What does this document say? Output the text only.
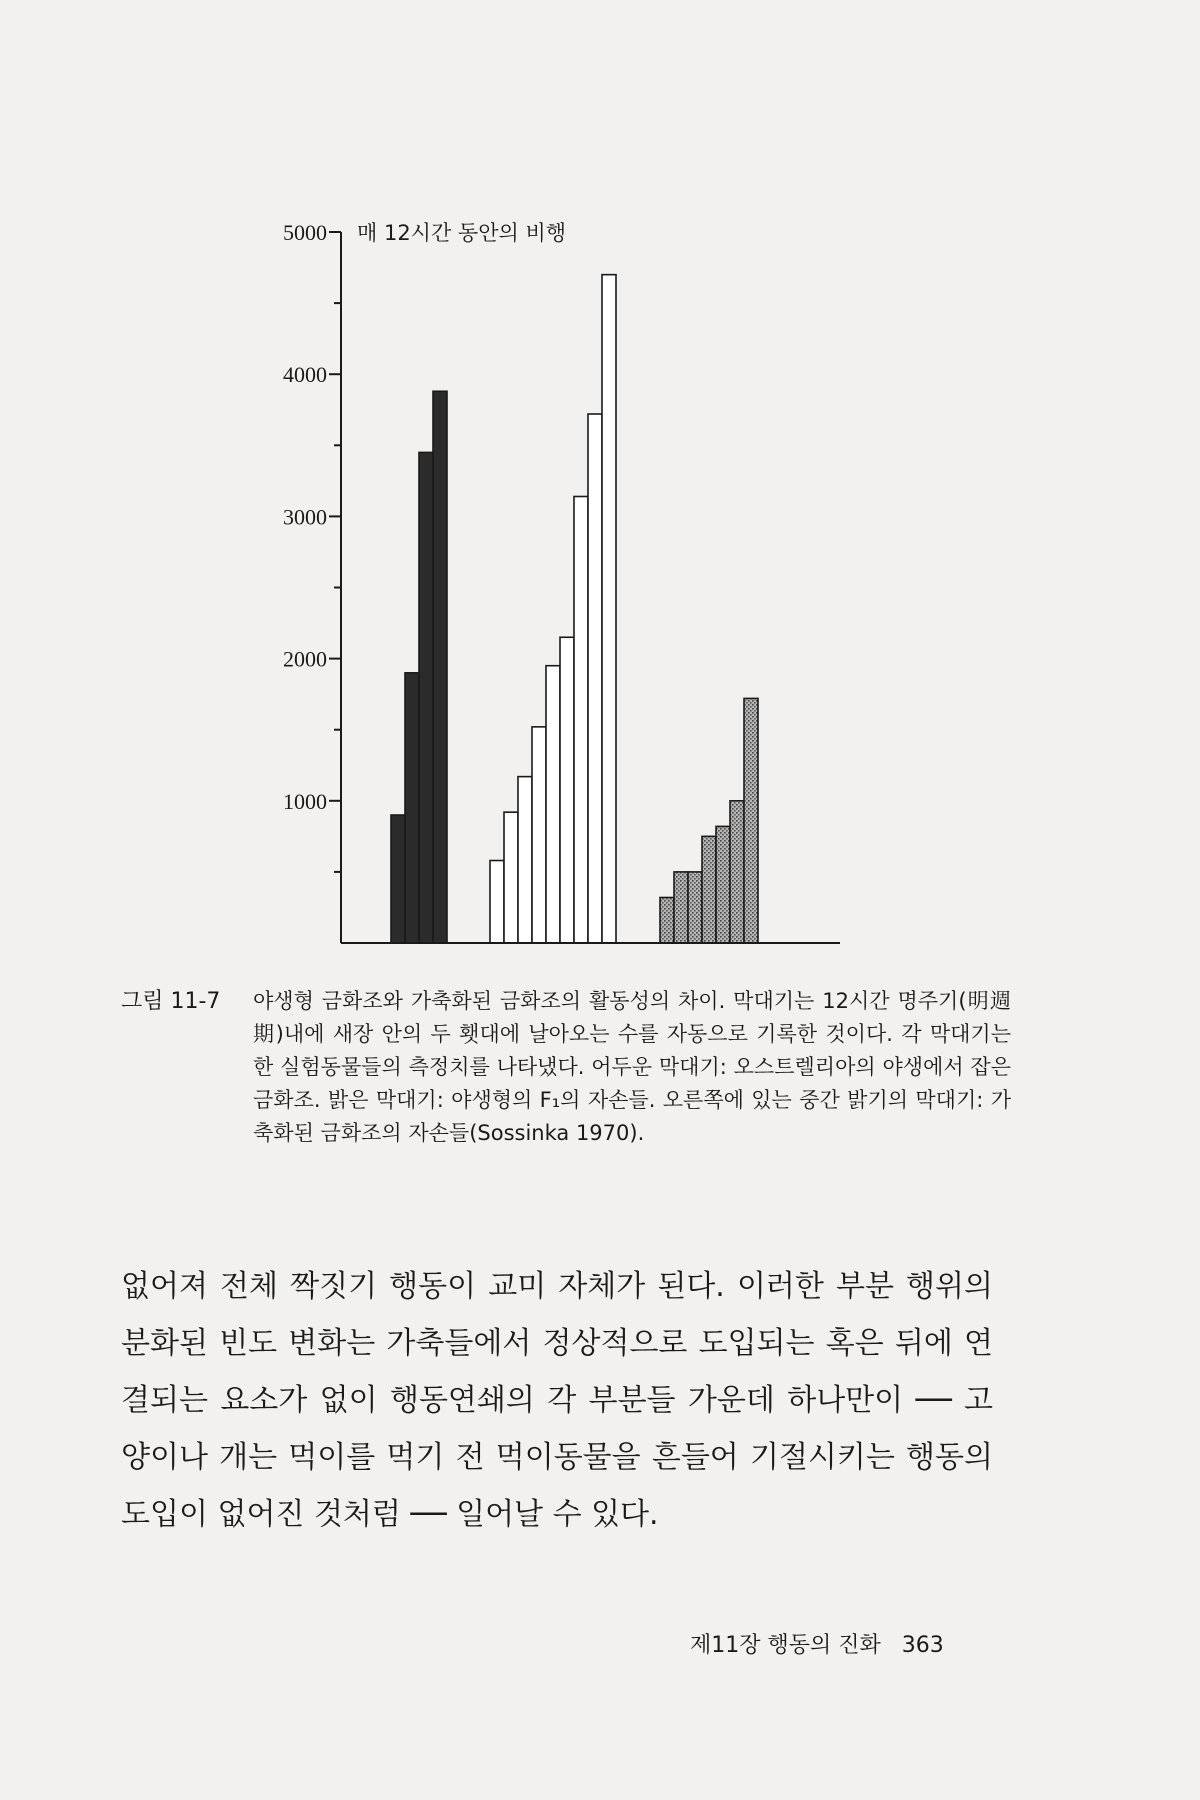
1000
2000
3000
4000
5000 매 12시간 동안의 비행
그림 11-7	야생형 금화조와 가축화된 금화조의 활동성의 차이. 막대기는 12시간 명주기(明週期)내에 새장 안의 두 횃대에 날아오는 수를 자동으로 기록한 것이다. 각 막대기는 한 실험동물들의 측정치를 나타냈다. 어두운 막대기: 오스트렐리아의 야생에서 잡은 금화조. 밝은 막대기: 야생형의 F₁의 자손들. 오른쪽에 있는 중간 밝기의 막대기: 가축화된 금화조의 자손들(Sossinka 1970).
없어져 전체 짝짓기 행동이 교미 자체가 된다. 이러한 부분 행위의 분화된 빈도 변화는 가축들에서 정상적으로 도입되는 혹은 뒤에 연결되는 요소가 없이 행동연쇄의 각 부분들 가운데 하나만이 ── 고양이나 개는 먹이를 먹기 전 먹이동물을 흔들어 기절시키는 행동의 도입이 없어진 것처럼 ── 일어날 수 있다.
제11장 행동의 진화 363
